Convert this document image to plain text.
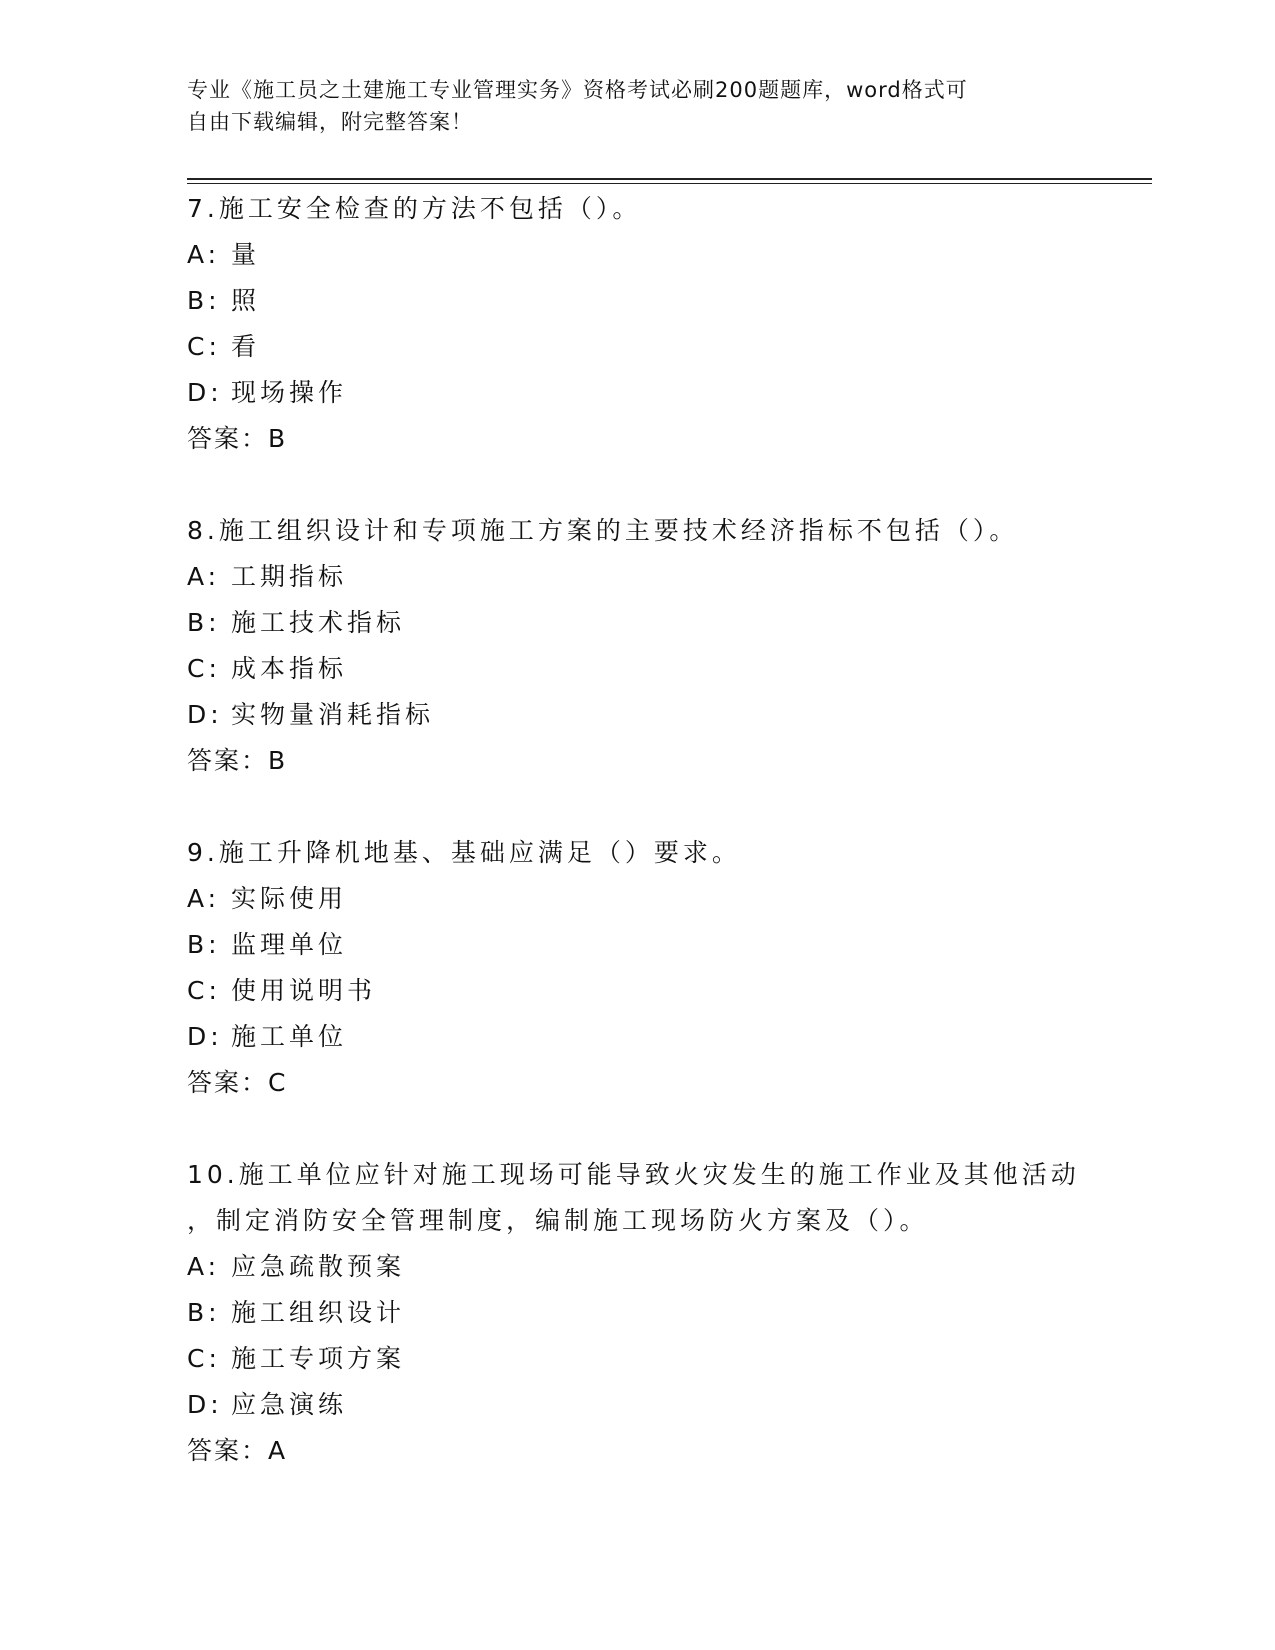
专业《施工员之土建施工专业管理实务》资格考试必刷200题题库，word格式可
自由下载编辑，附完整答案！
7.施工安全检查的方法不包括（）。
A: 量
B: 照
C: 看
D: 现场操作
答案：B
8.施工组织设计和专项施工方案的主要技术经济指标不包括（）。
A: 工期指标
B: 施工技术指标
C: 成本指标
D: 实物量消耗指标
答案：B
9.施工升降机地基、基础应满足（）要求。
A: 实际使用
B: 监理单位
C: 使用说明书
D: 施工单位
答案：C
10.施工单位应针对施工现场可能导致火灾发生的施工作业及其他活动
，制定消防安全管理制度，编制施工现场防火方案及（）。
A: 应急疏散预案
B: 施工组织设计
C: 施工专项方案
D: 应急演练
答案：A
